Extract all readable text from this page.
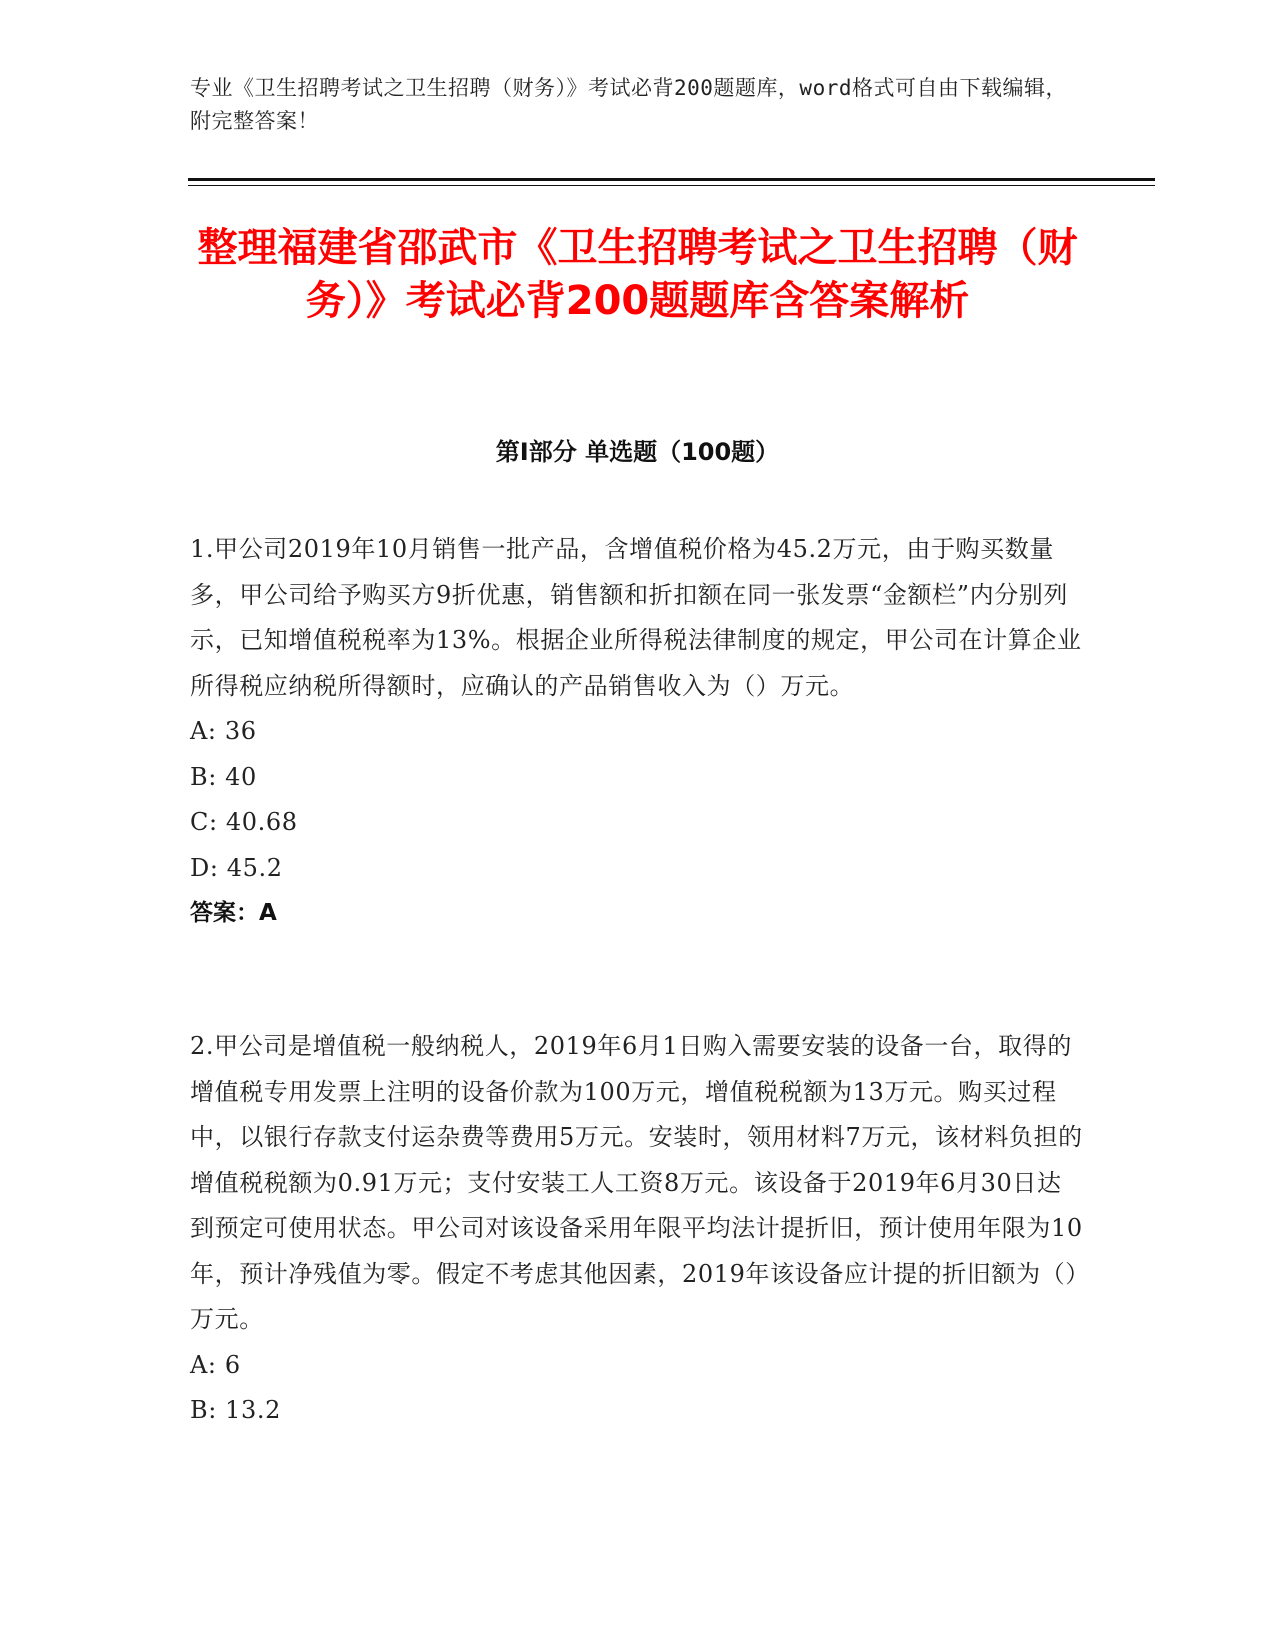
专业《卫生招聘考试之卫生招聘（财务）》考试必背200题题库，word格式可自由下载编辑，附完整答案！
整理福建省邵武市《卫生招聘考试之卫生招聘（财务）》考试必背200题题库含答案解析
第I部分 单选题（100题）

1.甲公司2019年10月销售一批产品，含增值税价格为45.2万元，由于购买数量多，甲公司给予购买方9折优惠，销售额和折扣额在同一张发票“金额栏”内分别列示，已知增值税税率为13%。根据企业所得税法律制度的规定，甲公司在计算企业所得税应纳税所得额时，应确认的产品销售收入为（）万元。

A: 36

B: 40

C: 40.68

D: 45.2

答案：A

2.甲公司是增值税一般纳税人，2019年6月1日购入需要安装的设备一台，取得的增值税专用发票上注明的设备价款为100万元，增值税税额为13万元。购买过程中，以银行存款支付运杂费等费用5万元。安装时，领用材料7万元，该材料负担的增值税税额为0.91万元；支付安装工人工资8万元。该设备于2019年6月30日达到预定可使用状态。甲公司对该设备采用年限平均法计提折旧，预计使用年限为10年，预计净残值为零。假定不考虑其他因素，2019年该设备应计提的折旧额为（）万元。

A: 6

B: 13.2
